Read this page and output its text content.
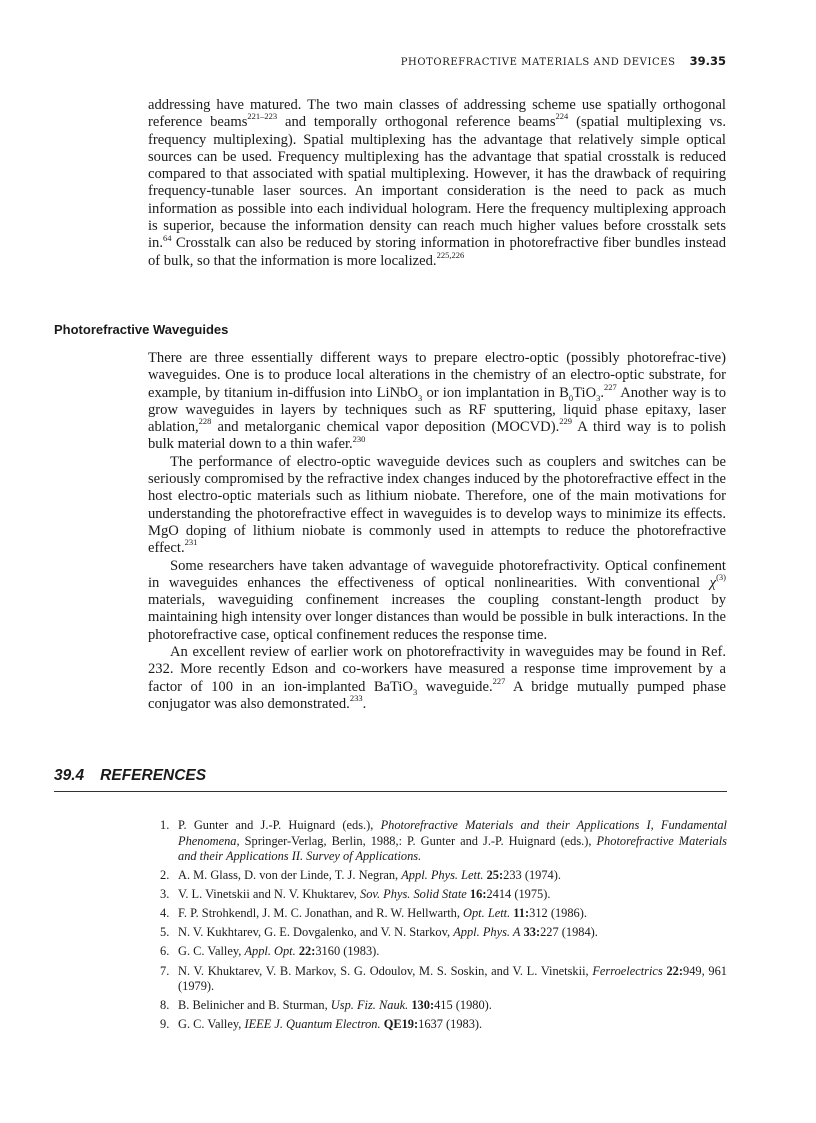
PHOTOREFRACTIVE MATERIALS AND DEVICES 39.35

addressing have matured. The two main classes of addressing scheme use spatially orthogonal reference beams$^{221-223}$ and temporally orthogonal reference beams$^{224}$ (spatial multiplexing vs. frequency multiplexing). Spatial multiplexing has the advantage that relatively simple optical sources can be used. Frequency multiplexing has the advantage that spatial crosstalk is reduced compared to that associated with spatial multiplexing. However, it has the drawback of requiring frequency-tunable laser sources. An important consideration is the need to pack as much information as possible into each individual hologram. Here the frequency multiplexing approach is superior, because the information density can reach much higher values before crosstalk sets in.$^{64}$ Crosstalk can also be reduced by storing information in photorefractive fiber bundles instead of bulk, so that the information is more localized.$^{225,226}$

Photorefractive Waveguides

There are three essentially different ways to prepare electro-optic (possibly photorefrac-tive) waveguides. One is to produce local alterations in the chemistry of an electro-optic substrate, for example, by titanium in-diffusion into LiNbO$_3$ or ion implantation in $B_0TiO_3.^{227}$ Another way is to grow waveguides in layers by techniques such as RF sputtering, liquid phase epitaxy, laser ablation,$^{228}$ and metalorganic chemical vapor deposition (MOCVD).$^{229}$ A third way is to polish bulk material down to a thin wafer.$^{230}$

The performance of electro-optic waveguide devices such as couplers and switches can be seriously compromised by the refractive index changes induced by the photorefractive effect in the host electro-optic materials such as lithium niobate. Therefore, one of the main motivations for understanding the photorefractive effect in waveguides is to develop ways to minimize its effects. MgO doping of lithium niobate is commonly used in attempts to reduce the photorefractive effect.$^{231}$

Some researchers have taken advantage of waveguide photorefractivity. Optical confinement in waveguides enhances the effectiveness of optical nonlinearities. With conventional $\chi^{(3)}$ materials, waveguiding confinement increases the coupling constant-length product by maintaining high intensity over longer distances than would be possible in bulk interactions. In the photorefractive case, optical confinement reduces the response time.

An excellent review of earlier work on photorefractivity in waveguides may be found in Ref. 232. More recently Edson and co-workers have measured a response time improvement by a factor of 100 in an ion-implanted BaTiO$_3$ waveguide.$^{227}$ A bridge mutually pumped phase conjugator was also demonstrated.$^{233}$.

39.4 REFERENCES
1. P. Gunter and J.-P. Huignard (eds.), Photorefractive Materials and their Applications I, Fundamental Phenomena, Springer-Verlag, Berlin, 1988,: P. Gunter and J.-P. Huignard (eds.), Photorefractive Materials and their Applications II. Survey of Applications.
2. A. M. Glass, D. von der Linde, T. J. Negran, Appl. Phys. Lett. 25:233 (1974).
3. V. L. Vinetskii and N. V. Khuktarev, Sov. Phys. Solid State 16:2414 (1975).
4. F. P. Strohkendl, J. M. C. Jonathan, and R. W. Hellwarth, Opt. Lett. 11:312 (1986).
5. N. V. Kukhtarev, G. E. Dovgalenko, and V. N. Starkov, Appl. Phys. A 33:227 (1984).
6. G. C. Valley, Appl. Opt. 22:3160 (1983).
7. N. V. Khuktarev, V. B. Markov, S. G. Odoulov, M. S. Soskin, and V. L. Vinetskii, Ferroelectrics 22:949, 961 (1979).
8. B. Belinicher and B. Sturman, Usp. Fiz. Nauk. 130:415 (1980).
9. G. C. Valley, IEEE J. Quantum Electron. QE19:1637 (1983).
